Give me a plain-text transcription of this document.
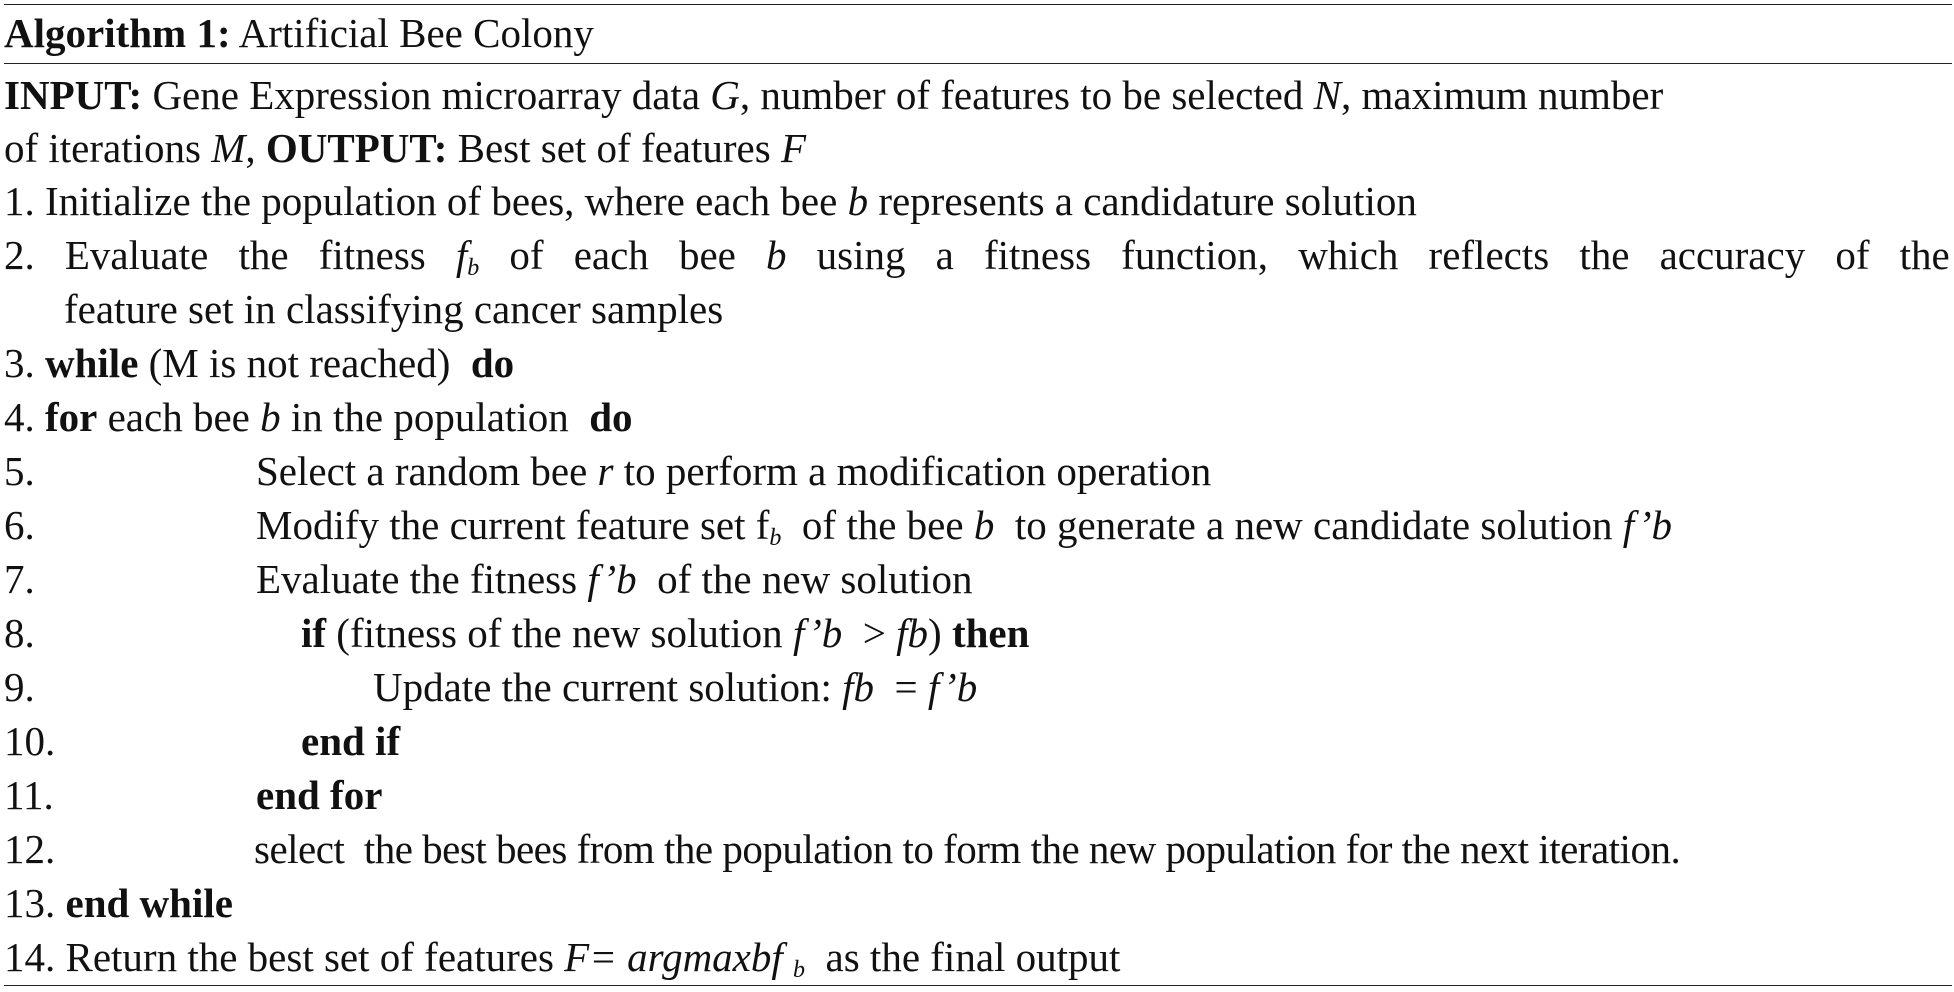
Algorithm 1: Artificial Bee Colony
INPUT: Gene Expression microarray data G, number of features to be selected N, maximum number
of iterations M, OUTPUT: Best set of features F
1. Initialize the population of bees, where each bee b represents a candidature solution
2. Evaluate the fitness $f_b$ of each bee b using a fitness function, which reflects the accuracy of the
feature set in classifying cancer samples
3. while (M is not reached) do
4. for each bee b in the population do
5.	Select a random bee r to perform a modification operation
6.	Modify the current feature set $f_b$ of the bee b to generate a new candidate solution f’b
7.	Evaluate the fitness f’b of the new solution
8.	if (fitness of the new solution f’b > fb) then
9.	Update the current solution: fb = f’b
10.	end if
11.	end for
12.	select the best bees from the population to form the new population for the next iteration.
13. end while
14. Return the best set of features F= argmaxbf $_b$ as the final output
